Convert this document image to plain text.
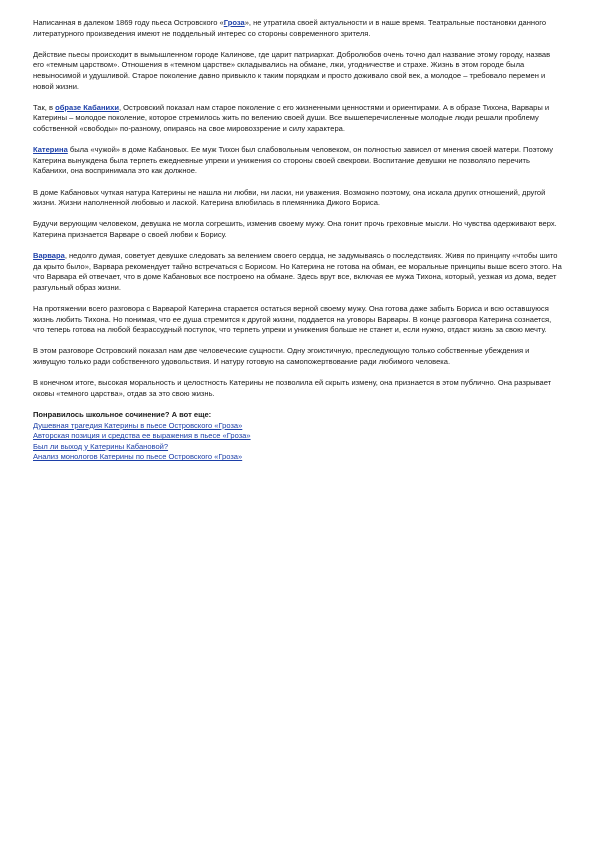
Написанная в далеком 1869 году пьеса Островского «Гроза», не утратила своей актуальности и в наше время. Театральные постановки данного литературного произведения имеют не поддельный интерес со стороны современного зрителя.

Действие пьесы происходит в вымышленном городе Калинове, где царит патриархат. Добролюбов очень точно дал название этому городу, назвав его «темным царством». Отношения в «темном царстве» складывались на обмане, лжи, угодничестве и страхе. Жизнь в этом городе была невыносимой и удушливой. Старое поколение давно привыкло к таким порядкам и просто доживало свой век, а молодое – требовало перемен и новой жизни.

Так, в образе Кабанихи, Островский показал нам старое поколение с его жизненными ценностями и ориентирами. А в образе Тихона, Варвары и Катерины – молодое поколение, которое стремилось жить по велению своей души. Все вышеперечисленные молодые люди решали проблему собственной «свободы» по-разному, опираясь на свое мировоззрение и силу характера.

Катерина была «чужой» в доме Кабановых. Ее муж Тихон был слабовольным человеком, он полностью зависел от мнения своей матери. Поэтому Катерина вынуждена была терпеть ежедневные упреки и унижения со стороны своей свекрови. Воспитание девушки не позволяло перечить Кабанихи, она воспринимала это как должное.

В доме Кабановых чуткая натура Катерины не нашла ни любви, ни ласки, ни уважения. Возможно поэтому, она искала других отношений, другой жизни. Жизни наполненной любовью и лаской. Катерина влюбилась в племянника Дикого Бориса.

Будучи верующим человеком, девушка не могла согрешить, изменив своему мужу. Она гонит прочь греховные мысли. Но чувства одерживают верх. Катерина признается Варваре о своей любви к Борису.

Варвара, недолго думая, советует девушке следовать за велением своего сердца, не задумываясь о последствиях. Живя по принципу «чтобы шито да крыто было», Варвара рекомендует тайно встречаться с Борисом. Но Катерина не готова на обман, ее моральные принципы выше всего этого. На что Варвара ей отвечает, что в доме Кабановых все построено на обмане. Здесь врут все, включая ее мужа Тихона, который, уезжая из дома, ведет разгульный образ жизни.

На протяжении всего разговора с Варварой Катерина старается остаться верной своему мужу. Она готова даже забыть Бориса и всю оставшуюся жизнь любить Тихона. Но понимая, что ее душа стремится к другой жизни, поддается на уговоры Варвары. В конце разговора Катерина сознается, что теперь готова на любой безрассудный поступок, что терпеть упреки и унижения больше не станет и, если нужно, отдаст жизнь за свою мечту.

В этом разговоре Островский показал нам две человеческие сущности. Одну эгоистичную, преследующую только собственные убеждения и живущую только ради собственного удовольствия. И натуру готовую на самопожертвование ради любимого человека.

В конечном итоге, высокая моральность и целостность Катерины не позволила ей скрыть измену, она признается в этом публично. Она разрывает оковы «темного царства», отдав за это свою жизнь.

Понравилось школьное сочинение? А вот еще:

Душевная трагедия Катерины в пьесе Островского «Гроза»
Авторская позиция и средства ее выражения в пьесе «Гроза»
Был ли выход у Катерины Кабановой?
Анализ монологов Катерины по пьесе Островского «Гроза»
